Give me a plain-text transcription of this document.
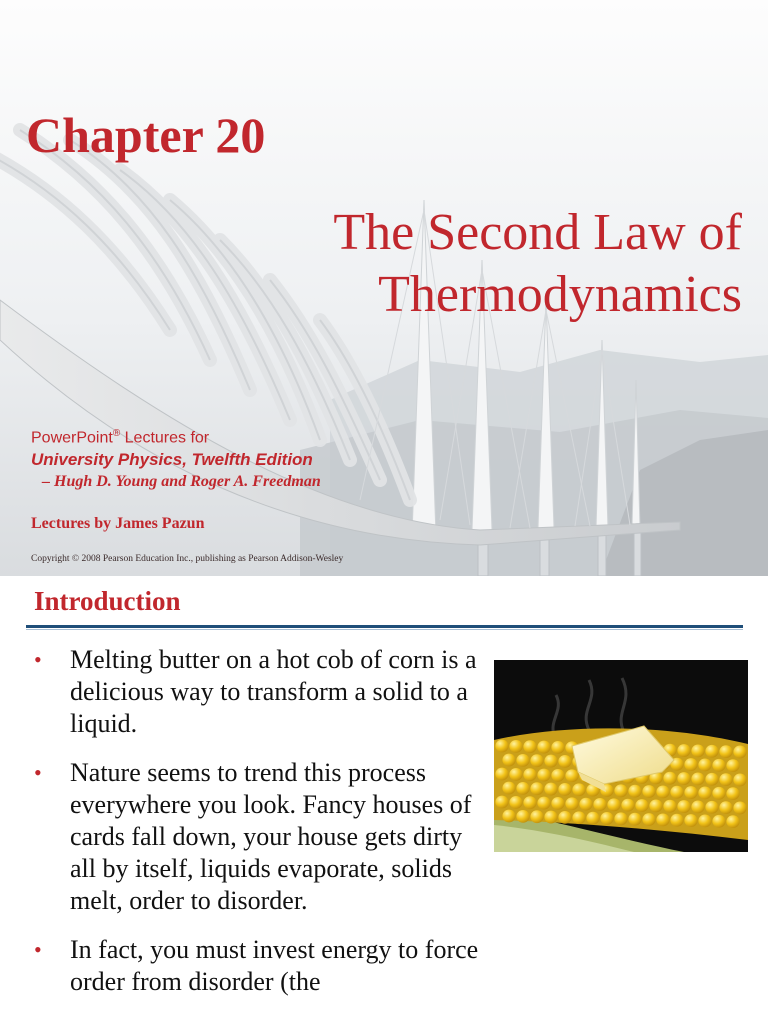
Chapter 20
The Second Law of
Thermodynamics
PowerPoint® Lectures for
University Physics, Twelfth Edition
– Hugh D. Young and Roger A. Freedman
Lectures by James Pazun
Copyright © 2008 Pearson Education Inc., publishing as Pearson Addison-Wesley
Introduction
• Melting butter on a hot cob of corn is a delicious way to transform a solid to a liquid.
• Nature seems to trend this process everywhere you look. Fancy houses of cards fall down, your house gets dirty all by itself, liquids evaporate, solids melt, order to disorder.
• In fact, you must invest energy to force order from disorder (the
